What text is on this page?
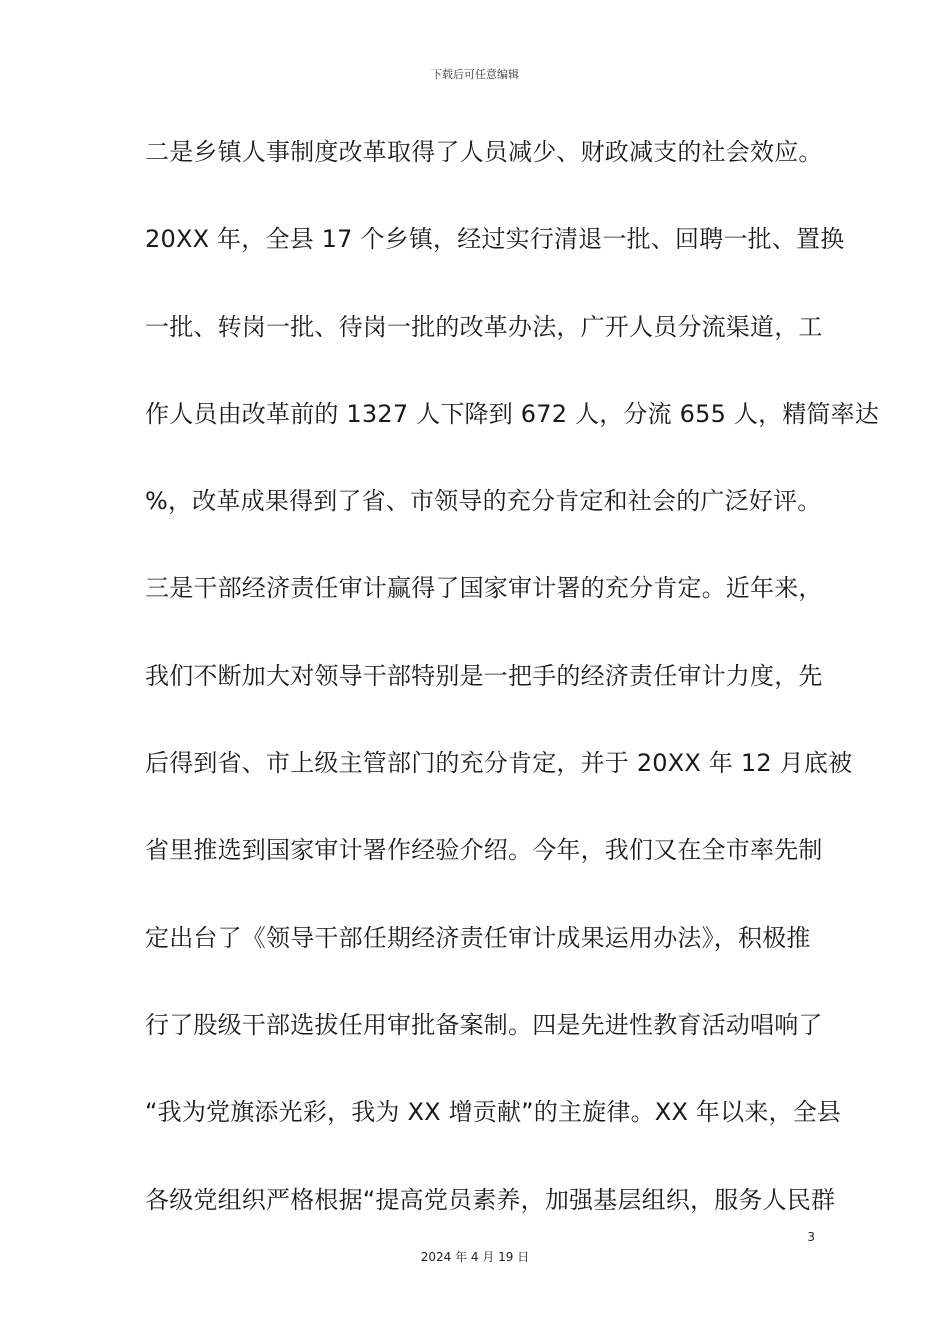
下载后可任意编辑
二是乡镇人事制度改革取得了人员减少、财政减支的社会效应。
20XX 年，全县 17 个乡镇，经过实行清退一批、回聘一批、置换
一批、转岗一批、待岗一批的改革办法，广开人员分流渠道，工
作人员由改革前的 1327 人下降到 672 人，分流 655 人，精简率达
%，改革成果得到了省、市领导的充分肯定和社会的广泛好评。
三是干部经济责任审计赢得了国家审计署的充分肯定。近年来，
我们不断加大对领导干部特别是一把手的经济责任审计力度，先
后得到省、市上级主管部门的充分肯定，并于 20XX 年 12 月底被
省里推选到国家审计署作经验介绍。今年，我们又在全市率先制
定出台了《领导干部任期经济责任审计成果运用办法》，积极推
行了股级干部选拔任用审批备案制。四是先进性教育活动唱响了
“我为党旗添光彩，我为 XX 增贡献”的主旋律。XX 年以来，全县
各级党组织严格根据“提高党员素养，加强基层组织，服务人民群
3
2024 年 4 月 19 日
